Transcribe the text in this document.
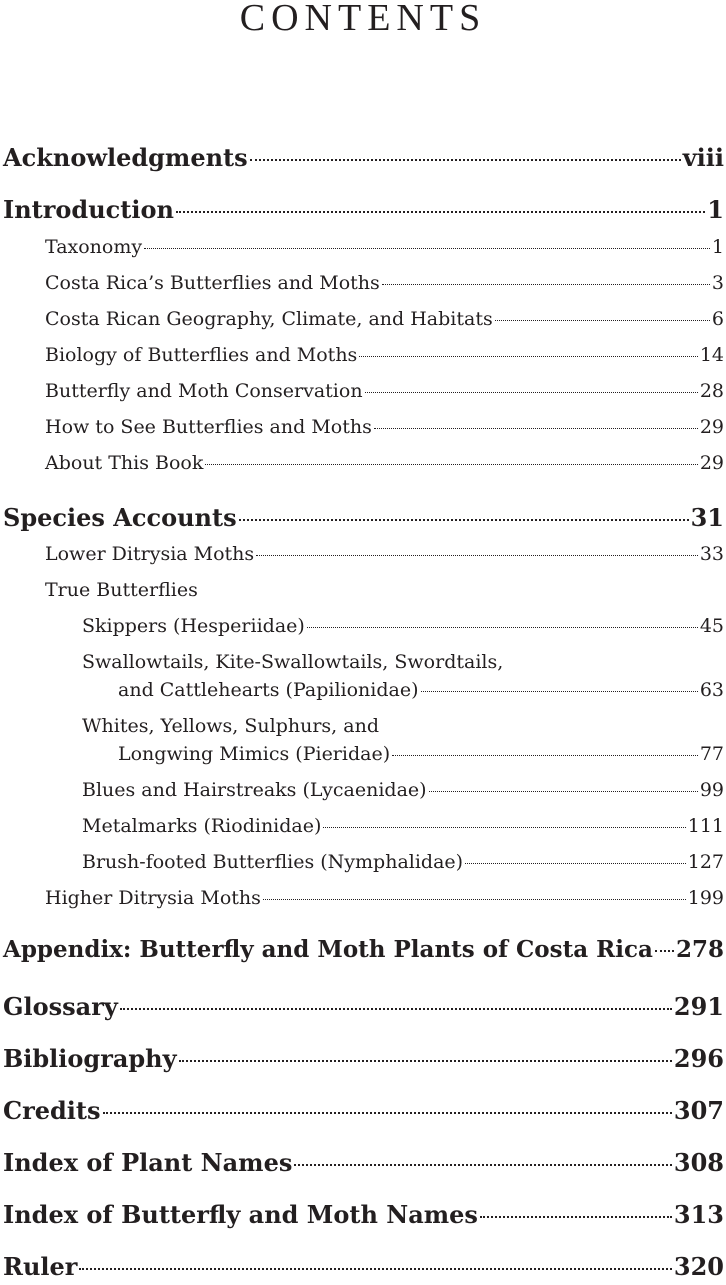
CONTENTS
Acknowledgments	viii
Introduction	1
Taxonomy	1
Costa Rica’s Butterflies and Moths	3
Costa Rican Geography, Climate, and Habitats	6
Biology of Butterflies and Moths	14
Butterfly and Moth Conservation	28
How to See Butterflies and Moths	29
About This Book	29
Species Accounts	31
Lower Ditrysia Moths	33
True Butterflies
Skippers (Hesperiidae)	45
Swallowtails, Kite-Swallowtails, Swordtails,
and Cattlehearts (Papilionidae)	63
Whites, Yellows, Sulphurs, and
Longwing Mimics (Pieridae)	77
Blues and Hairstreaks (Lycaenidae)	99
Metalmarks (Riodinidae)	111
Brush-footed Butterflies (Nymphalidae)	127
Higher Ditrysia Moths	199
Appendix: Butterfly and Moth Plants of Costa Rica 278
Glossary	291
Bibliography	296
Credits	307
Index of Plant Names	308
Index of Butterfly and Moth Names	313
Ruler	320
